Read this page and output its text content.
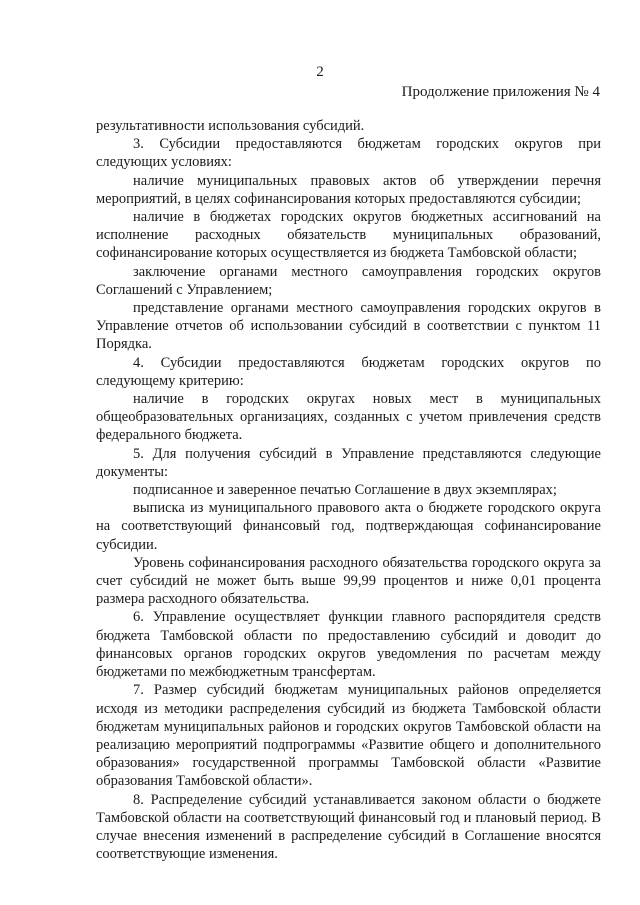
2
Продолжение приложения № 4

результативности использования субсидий.

3. Субсидии предоставляются бюджетам городских округов при следующих условиях:

наличие муниципальных правовых актов об утверждении перечня мероприятий, в целях софинансирования которых предоставляются субсидии;

наличие в бюджетах городских округов бюджетных ассигнований на исполнение расходных обязательств муниципальных образований, софинансирование которых осуществляется из бюджета Тамбовской области;

заключение органами местного самоуправления городских округов Соглашений с Управлением;

представление органами местного самоуправления городских округов в Управление отчетов об использовании субсидий в соответствии с пунктом 11 Порядка.

4. Субсидии предоставляются бюджетам городских округов по следующему критерию:

наличие в городских округах новых мест в муниципальных общеобразовательных организациях, созданных с учетом привлечения средств федерального бюджета.

5. Для получения субсидий в Управление представляются следующие документы:

подписанное и заверенное печатью Соглашение в двух экземплярах;

выписка из муниципального правового акта о бюджете городского округа на соответствующий финансовый год, подтверждающая софинансирование субсидии.

Уровень софинансирования расходного обязательства городского округа за счет субсидий не может быть выше 99,99 процентов и ниже 0,01 процента размера расходного обязательства.

6. Управление осуществляет функции главного распорядителя средств бюджета Тамбовской области по предоставлению субсидий и доводит до финансовых органов городских округов уведомления по расчетам между бюджетами по межбюджетным трансфертам.

7. Размер субсидий бюджетам муниципальных районов определяется исходя из методики распределения субсидий из бюджета Тамбовской области бюджетам муниципальных районов и городских округов Тамбовской области на реализацию мероприятий подпрограммы «Развитие общего и дополнительного образования» государственной программы Тамбовской области «Развитие образования Тамбовской области».

8. Распределение субсидий устанавливается законом области о бюджете Тамбовской области на соответствующий финансовый год и плановый период. В случае внесения изменений в распределение субсидий в Соглашение вносятся соответствующие изменения.
